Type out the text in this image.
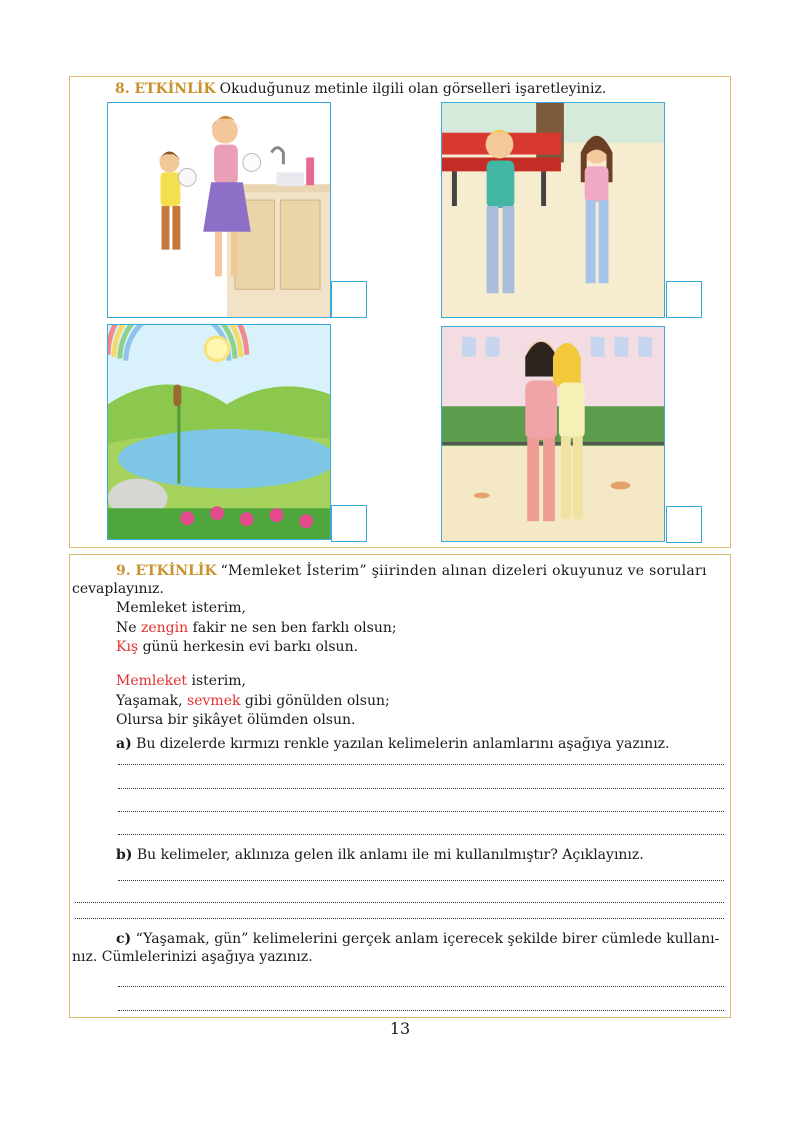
8. ETKİNLİK Okuduğunuz metinle ilgili olan görselleri işaretleyiniz.
9. ETKİNLİK “Memleket İsterim” şiirinden alınan dizeleri okuyunuz ve soruları
cevaplayınız.
Memleket isterim,
Ne zengin fakir ne sen ben farklı olsun;
Kış günü herkesin evi barkı olsun.
Memleket isterim,
Yaşamak, sevmek gibi gönülden olsun;
Olursa bir şikâyet ölümden olsun.
a) Bu dizelerde kırmızı renkle yazılan kelimelerin anlamlarını aşağıya yazınız.
b) Bu kelimeler, aklınıza gelen ilk anlamı ile mi kullanılmıştır? Açıklayınız.
c) “Yaşamak, gün” kelimelerini gerçek anlam içerecek şekilde birer cümlede kullanı-
nız. Cümlelerinizi aşağıya yazınız.
13
